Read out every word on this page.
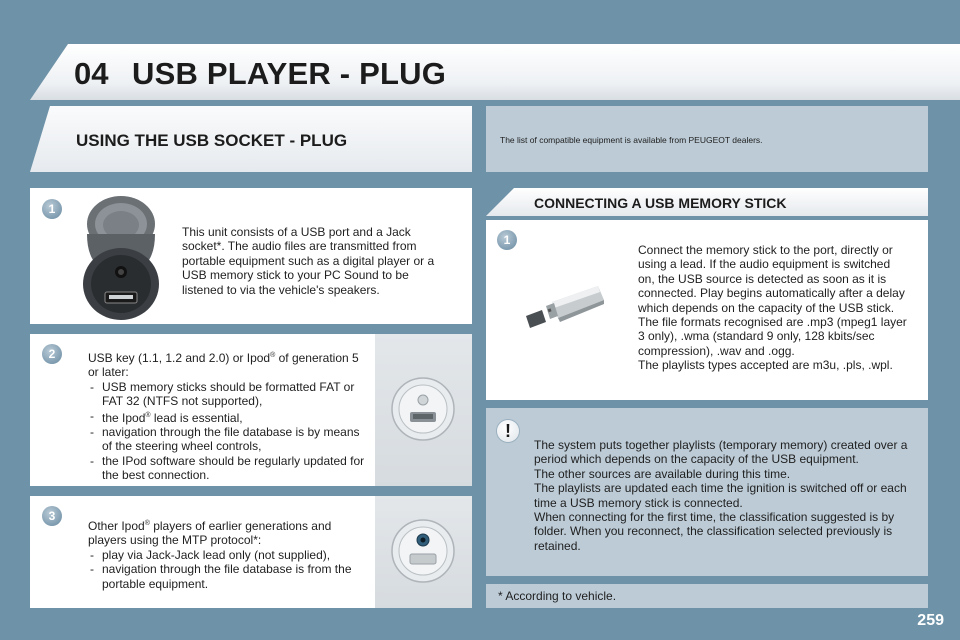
04 USB PLAYER - PLUG
USING THE USB SOCKET - PLUG	The list of compatible equipment is available from PEUGEOT dealers.
1
This unit consists of a USB port and a Jack socket*. The audio files are transmitted from portable equipment such as a digital player or a USB memory stick to your PC Sound to be listened to via the vehicle's speakers.
2	USB key (1.1, 1.2 and 2.0) or Ipod® of generation 5 or later:
- USB memory sticks should be formatted FAT or FAT 32 (NTFS not supported),
- the Ipod® lead is essential,
- navigation through the file database is by means of the steering wheel controls,
- the IPod software should be regularly updated for the best connection.
3
Other Ipod® players of earlier generations and players using the MTP protocol*:
- play via Jack-Jack lead only (not supplied),
- navigation through the file database is from the portable equipment.
CONNECTING A USB MEMORY STICK
1
Connect the memory stick to the port, directly or using a lead. If the audio equipment is switched on, the USB source is detected as soon as it is connected. Play begins automatically after a delay which depends on the capacity of the USB stick.
The file formats recognised are .mp3 (mpeg1 layer 3 only), .wma (standard 9 only, 128 kbits/sec compression), .wav and .ogg.
The playlists types accepted are m3u, .pls, .wpl.
!
The system puts together playlists (temporary memory) created over a period which depends on the capacity of the USB equipment.
The other sources are available during this time.
The playlists are updated each time the ignition is switched off or each time a USB memory stick is connected.
When connecting for the first time, the classification suggested is by folder. When you reconnect, the classification selected previously is retained.
* According to vehicle.
259
